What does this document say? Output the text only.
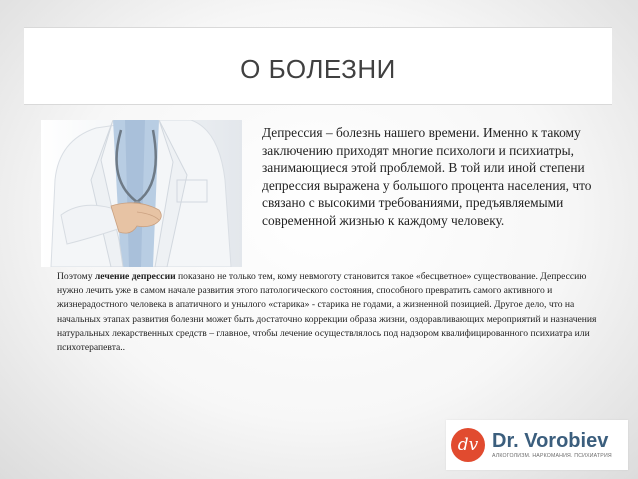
О БОЛЕЗНИ
Депрессия – болезнь нашего времени. Именно к такому заключению приходят многие психологи и психиатры, занимающиеся этой проблемой. В той или иной степени депрессия выражена у большого процента населения, что связано с высокими требованиями, предъявляемыми современной жизнью к каждому человеку.
Поэтому лечение депрессии показано не только тем, кому невмоготу становится такое «бесцветное» существование. Депрессию нужно лечить уже в самом начале развития этого патологического состояния, способного превратить самого активного и жизнерадостного человека в апатичного и унылого «старика» - старика не годами, а жизненной позицией. Другое дело, что на начальных этапах развития болезни может быть достаточно коррекции образа жизни, оздоравливающих мероприятий и назначения натуральных лекарственных средств – главное, чтобы лечение осуществлялось под надзором квалифицированного психиатра или психотерапевта..
dv Dr. Vorobiev
АЛКОГОЛИЗМ. НАРКОМАНИЯ. ПСИХИАТРИЯ
